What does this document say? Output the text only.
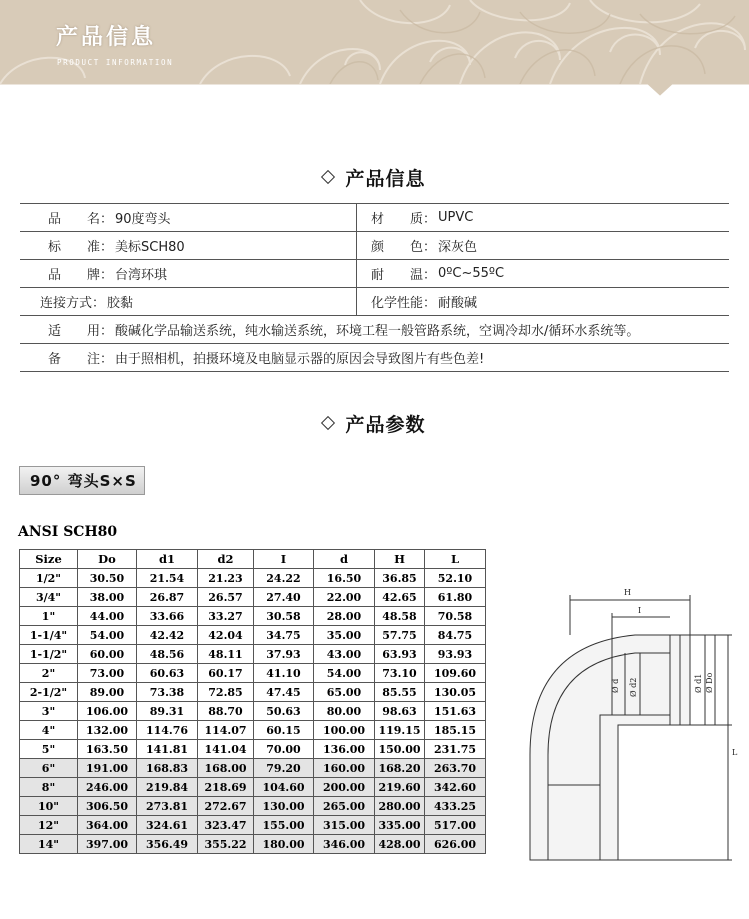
产品信息
PRODUCT INFORMATION
产品信息
品　　名： 90度弯头	材　　质： UPVC
标　　准： 美标SCH80	颜　　色： 深灰色
品　　牌： 台湾环琪	耐　　温： 0ºC~55ºC
连接方式： 胶黏	化学性能： 耐酸碱
适　　用： 酸碱化学品输送系统，纯水输送系统，环境工程一般管路系统，空调冷却水/循环水系统等。
备　　注： 由于照相机，拍摄环境及电脑显示器的原因会导致图片有些色差!
产品参数
90° 弯头S×S
ANSI SCH80
Size	Do	d1	d2	I	d	H	L
1/2"	30.50	21.54	21.23	24.22	16.50	36.85	52.10
3/4"	38.00	26.87	26.57	27.40	22.00	42.65	61.80
1"	44.00	33.66	33.27	30.58	28.00	48.58	70.58
1-1/4"	54.00	42.42	42.04	34.75	35.00	57.75	84.75
1-1/2"	60.00	48.56	48.11	37.93	43.00	63.93	93.93
2"	73.00	60.63	60.17	41.10	54.00	73.10	109.60
2-1/2"	89.00	73.38	72.85	47.45	65.00	85.55	130.05
3"	106.00	89.31	88.70	50.63	80.00	98.63	151.63
4"	132.00	114.76	114.07	60.15	100.00	119.15	185.15
5"	163.50	141.81	141.04	70.00	136.00	150.00	231.75
6"	191.00	168.83	168.00	79.20	160.00	168.20	263.70
8"	246.00	219.84	218.69	104.60	200.00	219.60	342.60
10"	306.50	273.81	272.67	130.00	265.00	280.00	433.25
12"	364.00	324.61	323.47	155.00	315.00	335.00	517.00
14"	397.00	356.49	355.22	180.00	346.00	428.00	626.00
H
I
Ø d Ø d2	Ø d1 Ø Do
L
